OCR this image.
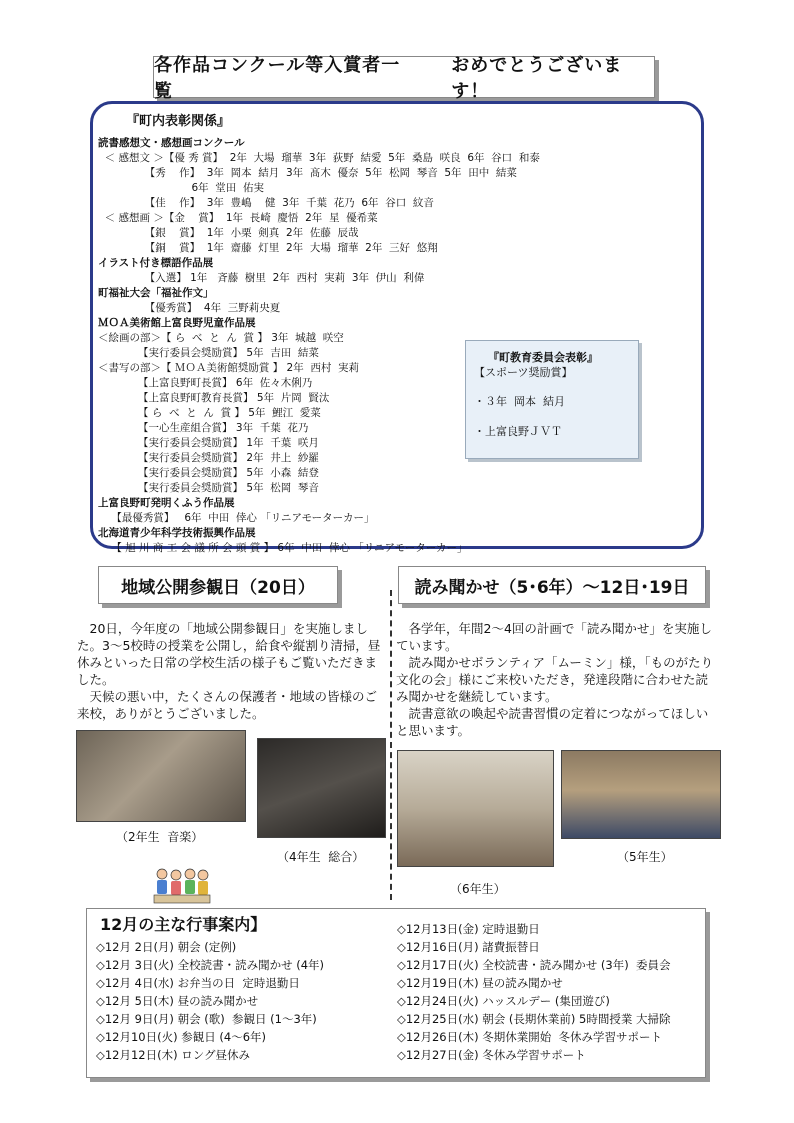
各作品コンクール等入賞者一覧
おめでとうございます！
『町内表彰関係』
読書感想文・感想画コンクール
＜ 感想文 ＞【優 秀 賞】  2年  大場  瑠華  3年  荻野  結愛  5年  桑島  咲良  6年  谷口  和泰
【秀    作】  3年  岡本  結月  3年  髙木  優奈  5年  松岡  琴音  5年  田中  結菜
6年  堂田  佑実
【佳    作】  3年  豊嶋    健  3年  千葉  花乃  6年  谷口  紋音
＜ 感想画 ＞【金    賞】  1年  長崎  慶悟  2年  星  優希菜
【銀    賞】  1年  小栗  剣真  2年  佐藤  辰哉
【銅    賞】  1年  齋藤  灯里  2年  大場  瑠華  2年  三好  悠翔
イラスト付き標語作品展
【入選】 1年   斉藤  樹里  2年  西村  実莉  3年  伊山  利偉
町福祉大会「福祉作文」
【優秀賞】  4年  三野莉央夏
ＭＯＡ美術館上富良野児童作品展
＜絵画の部＞【 ら  べ  と  ん  賞 】 3年  城越  咲空
【実行委員会奨励賞】 5年  吉田  結菜
＜書写の部＞【 ＭＯＡ美術館奨励賞 】 2年  西村  実莉
【上富良野町長賞】 6年  佐々木俐乃
【上富良野町教育長賞】 5年  片岡  賢汰
【 ら  べ  と  ん  賞 】 5年  鯉江  愛菜
【一心生産組合賞】 3年  千葉  花乃
【実行委員会奨励賞】 1年  千葉  咲月
【実行委員会奨励賞】 2年  井上  紗羅
【実行委員会奨励賞】 5年  小森  結登
【実行委員会奨励賞】 5年  松岡  琴音
上富良野町発明くふう作品展
【最優秀賞】   6年  中田  倖心 「リニアモーターカー」
北海道青少年科学技術振興作品展
【 旭 川 商 工 会 議 所 会 頭 賞 】 6年  中田  倖心 「リニアモーターカー」
『町教育委員会表彰』
【スポーツ奨励賞】
・３年  岡本  結月
・上富良野ＪＶＴ
地域公開参観日（20日）

20日，今年度の「地域公開参観日」を実施しました。3～5校時の授業を公開し，給食や縦割り清掃，昼休みといった日常の学校生活の様子もご覧いただきました。

天候の悪い中，たくさんの保護者・地域の皆様のご来校，ありがとうございました。

（2年生  音楽）
（4年生  総合）
読み聞かせ（5･6年）～12日･19日

各学年，年間2～4回の計画で「読み聞かせ」を実施しています。

読み聞かせボランティア「ムーミン」様，「ものがたり文化の会」様にご来校いただき，発達段階に合わせた読み聞かせを継続しています。

読書意欲の喚起や読書習慣の定着につながってほしいと思います。

（6年生）
（5年生）
12月の主な行事案内】
◇12月 2日(月) 朝会 (定例)
◇12月 3日(火) 全校読書・読み聞かせ (4年)
◇12月 4日(水) お弁当の日  定時退勤日
◇12月 5日(木) 昼の読み聞かせ
◇12月 9日(月) 朝会 (歌)  参観日 (1～3年)
◇12月10日(火) 参観日 (4～6年)
◇12月12日(木) ロング昼休み
◇12月13日(金) 定時退勤日
◇12月16日(月) 諸費振替日
◇12月17日(火) 全校読書・読み聞かせ (3年)  委員会
◇12月19日(木) 昼の読み聞かせ
◇12月24日(火) ハッスルデー (集団遊び)
◇12月25日(水) 朝会 (長期休業前) 5時間授業 大掃除
◇12月26日(木) 冬期休業開始  冬休み学習サポート
◇12月27日(金) 冬休み学習サポート
